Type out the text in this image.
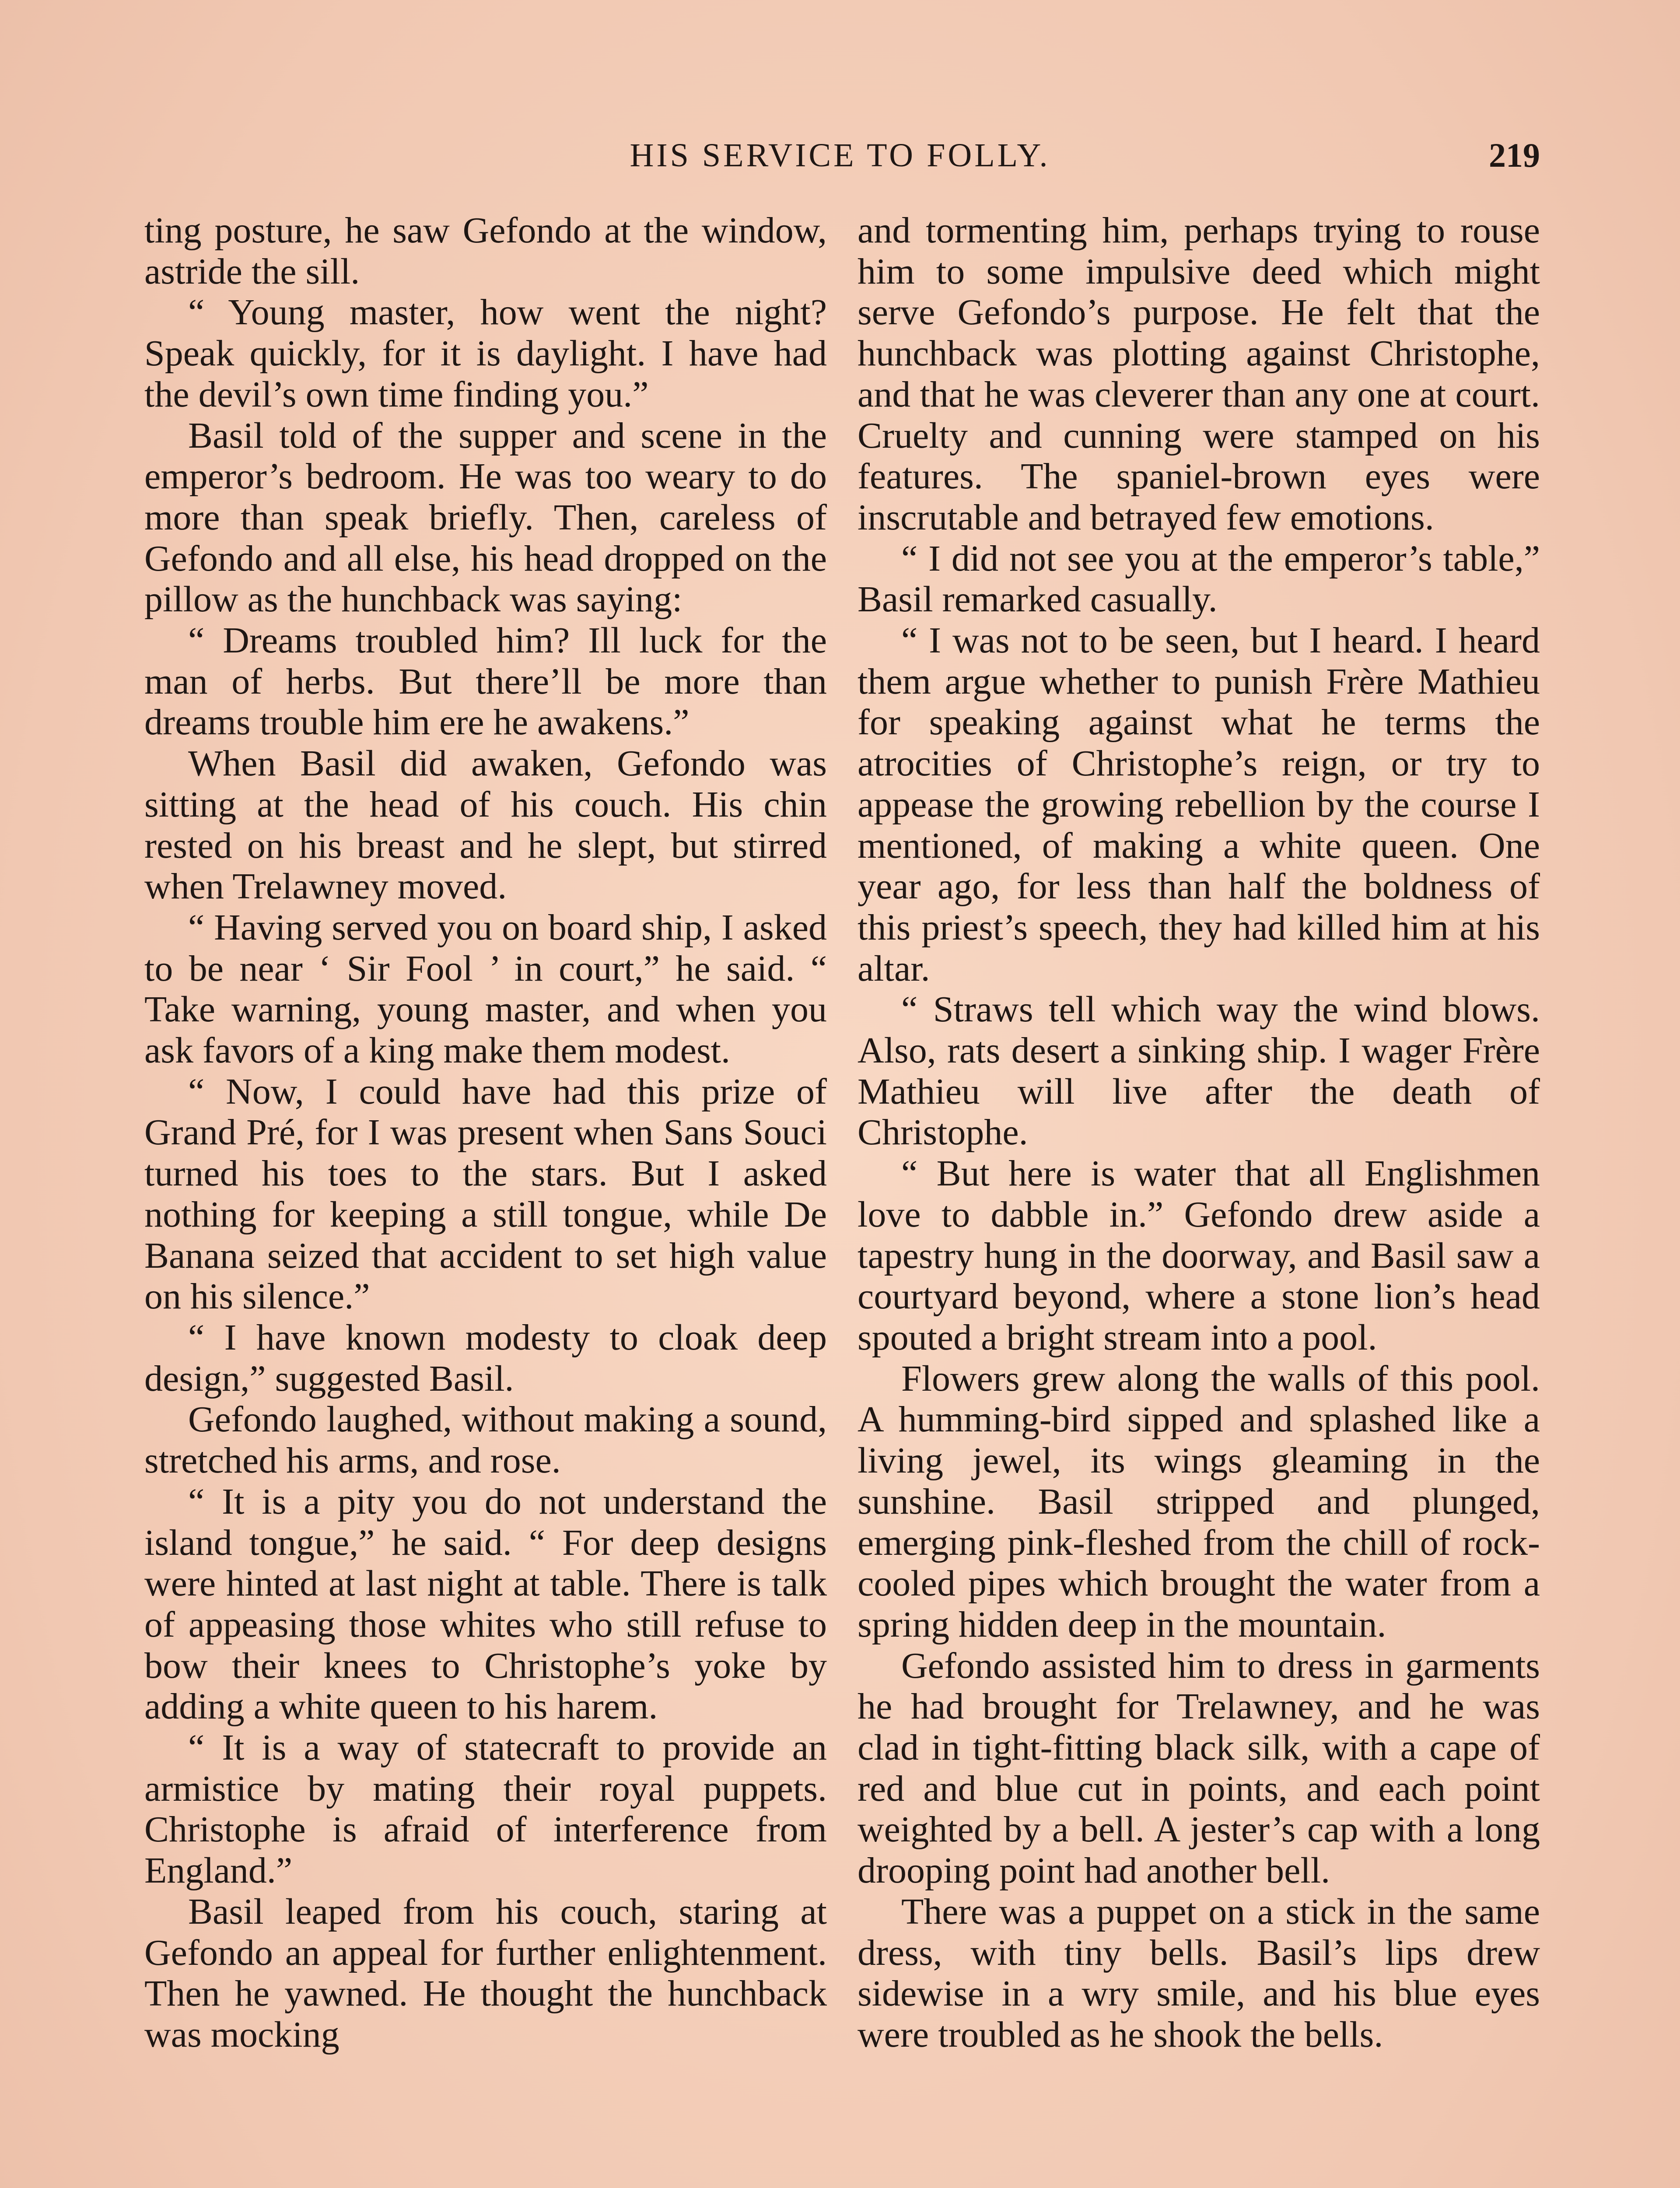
HIS SERVICE TO FOLLY.	219

ting posture, he saw Gefondo at the window, astride the sill.

“ Young master, how went the night? Speak quickly, for it is daylight. I have had the devil’s own time finding you.”

Basil told of the supper and scene in the emperor’s bedroom. He was too weary to do more than speak briefly. Then, careless of Gefondo and all else, his head dropped on the pillow as the hunchback was saying:

“ Dreams troubled him? Ill luck for the man of herbs. But there’ll be more than dreams trouble him ere he awakens.”

When Basil did awaken, Gefondo was sitting at the head of his couch. His chin rested on his breast and he slept, but stirred when Trelawney moved.

“ Having served you on board ship, I asked to be near ‘ Sir Fool ’ in court,” he said. “ Take warning, young master, and when you ask favors of a king make them modest.

“ Now, I could have had this prize of Grand Pré, for I was present when Sans Souci turned his toes to the stars. But I asked nothing for keeping a still tongue, while De Banana seized that accident to set high value on his silence.”

“ I have known modesty to cloak deep design,” suggested Basil.

Gefondo laughed, without making a sound, stretched his arms, and rose.

“ It is a pity you do not understand the island tongue,” he said. “ For deep designs were hinted at last night at table. There is talk of appeasing those whites who still refuse to bow their knees to Christophe’s yoke by adding a white queen to his harem.

“ It is a way of statecraft to provide an armistice by mating their royal puppets. Christophe is afraid of interference from England.”

Basil leaped from his couch, staring at Gefondo an appeal for further enlightenment. Then he yawned. He thought the hunchback was mocking

and tormenting him, perhaps trying to rouse him to some impulsive deed which might serve Gefondo’s purpose. He felt that the hunchback was plotting against Christophe, and that he was cleverer than any one at court. Cruelty and cunning were stamped on his features. The spaniel-brown eyes were inscrutable and betrayed few emotions.

“ I did not see you at the emperor’s table,” Basil remarked casually.

“ I was not to be seen, but I heard. I heard them argue whether to punish Frère Mathieu for speaking against what he terms the atrocities of Christophe’s reign, or try to appease the growing rebellion by the course I mentioned, of making a white queen. One year ago, for less than half the boldness of this priest’s speech, they had killed him at his altar.

“ Straws tell which way the wind blows. Also, rats desert a sinking ship. I wager Frère Mathieu will live after the death of Christophe.

“ But here is water that all Englishmen love to dabble in.” Gefondo drew aside a tapestry hung in the doorway, and Basil saw a courtyard beyond, where a stone lion’s head spouted a bright stream into a pool.

Flowers grew along the walls of this pool. A humming-bird sipped and splashed like a living jewel, its wings gleaming in the sunshine. Basil stripped and plunged, emerging pink-fleshed from the chill of rock-cooled pipes which brought the water from a spring hidden deep in the mountain.

Gefondo assisted him to dress in garments he had brought for Trelawney, and he was clad in tight-fitting black silk, with a cape of red and blue cut in points, and each point weighted by a bell. A jester’s cap with a long drooping point had another bell.

There was a puppet on a stick in the same dress, with tiny bells. Basil’s lips drew sidewise in a wry smile, and his blue eyes were troubled as he shook the bells.
